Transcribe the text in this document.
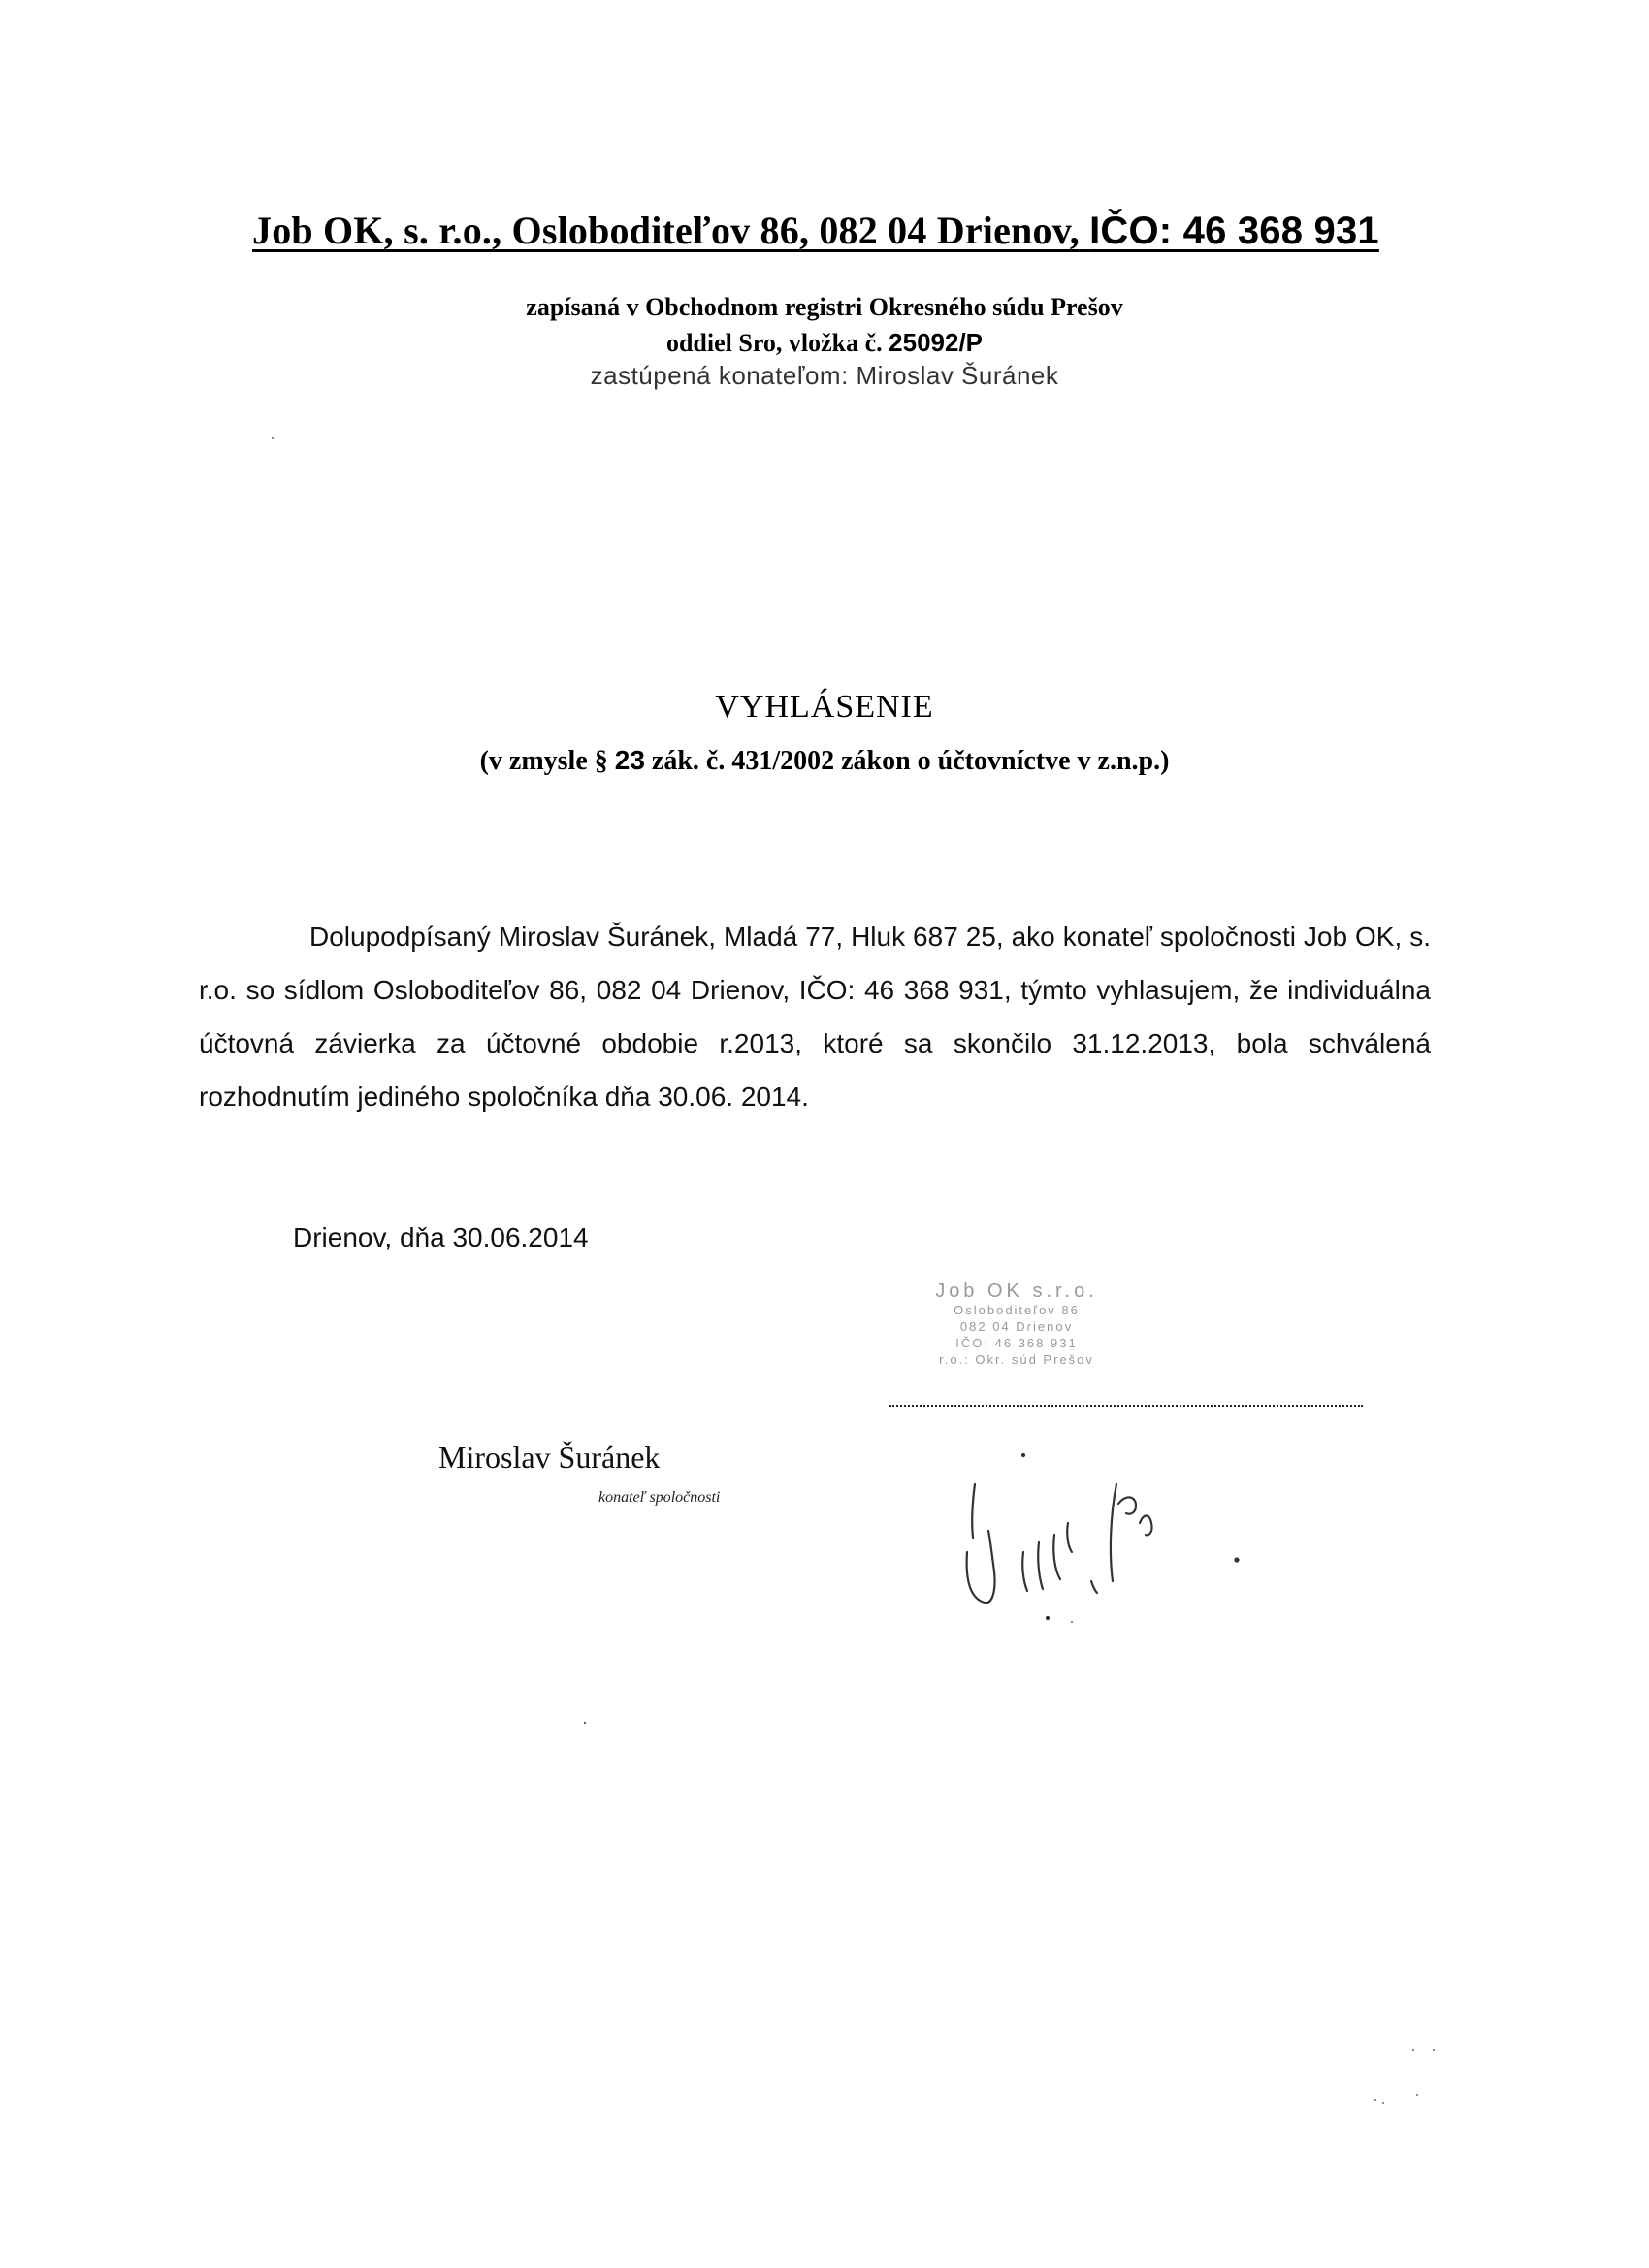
Job OK, s. r.o., Osloboditeľov 86, 082 04 Drienov, IČO: 46 368 931
zapísaná v Obchodnom registri Okresného súdu Prešov
oddiel Sro, vložka č. 25092/P
zastúpená konateľom: Miroslav Šuránek
VYHLÁSENIE
(v zmysle § 23 zák. č. 431/2002 zákon o účtovníctve v z.n.p.)
Dolupodpísaný Miroslav Šuránek, Mladá 77, Hluk 687 25, ako konateľ spoločnosti Job OK, s. r.o. so sídlom Osloboditeľov 86, 082 04 Drienov, IČO: 46 368 931, týmto vyhlasujem, že individuálna účtovná závierka za účtovné obdobie r.2013, ktoré sa skončilo 31.12.2013, bola schválená rozhodnutím jediného spoločníka dňa 30.06. 2014.
Drienov, dňa 30.06.2014
Job OK s.r.o.
Osloboditeľov 86
082 04 Drienov
IČO: 46 368 931
r.o.: Okr. súd Prešov
Miroslav Šuránek
konateľ spoločnosti
